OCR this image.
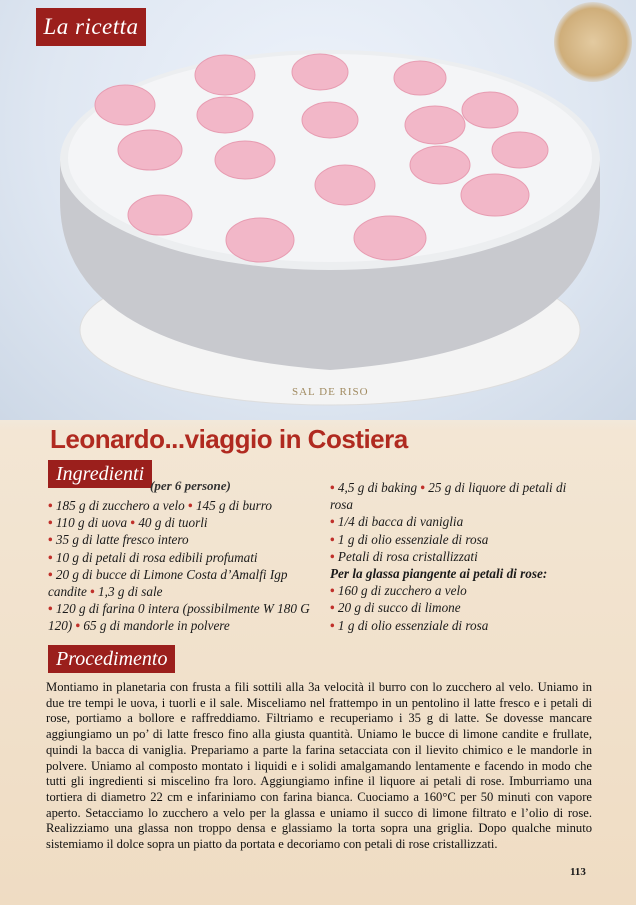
La ricetta
SAL DE RISO
Leonardo...viaggio in Costiera
Ingredienti
(per 6 persone)
• 185 g di zucchero a velo • 145 g di burro
• 110 g di uova • 40 g di tuorli
• 35 g di latte fresco intero
• 10 g di petali di rosa edibili profumati
• 20 g di bucce di Limone Costa d’Amalfi Igp candite • 1,3 g di sale
• 120 g di farina 0 intera (possibilmente W 180 G 120) • 65 g di mandorle in polvere
• 4,5 g di baking • 25 g di liquore di petali di rosa
• 1/4 di bacca di vaniglia
• 1 g di olio essenziale di rosa
• Petali di rosa cristallizzati
Per la glassa piangente ai petali di rose:
• 160 g di zucchero a velo
• 20 g di succo di limone
• 1 g di olio essenziale di rosa
Procedimento
Montiamo in planetaria con frusta a fili sottili alla 3a velocità il burro con lo zucchero al velo. Uniamo in due tre tempi le uova, i tuorli e il sale. Misceliamo nel frattempo in un pentolino il latte fresco e i petali di rose, portiamo a bollore e raffreddiamo. Filtriamo e recuperiamo i 35 g di latte. Se dovesse mancare aggiungiamo un po’ di latte fresco fino alla giusta quantità. Uniamo le bucce di limone candite e frullate, quindi la bacca di vaniglia. Prepariamo a parte la farina setacciata con il lievito chimico e le mandorle in polvere. Uniamo al composto montato i liquidi e i solidi amalgamando lentamente e facendo in modo che tutti gli ingredienti si miscelino fra loro. Aggiungiamo infine il liquore ai petali di rose. Imburriamo una tortiera di diametro 22 cm e infariniamo con farina bianca. Cuociamo a 160°C per 50 minuti con vapore aperto. Setacciamo lo zucchero a velo per la glassa e uniamo il succo di limone filtrato e l’olio di rose. Realizziamo una glassa non troppo densa e glassiamo la torta sopra una griglia. Dopo qualche minuto sistemiamo il dolce sopra un piatto da portata e decoriamo con petali di rose cristallizzati.
113
